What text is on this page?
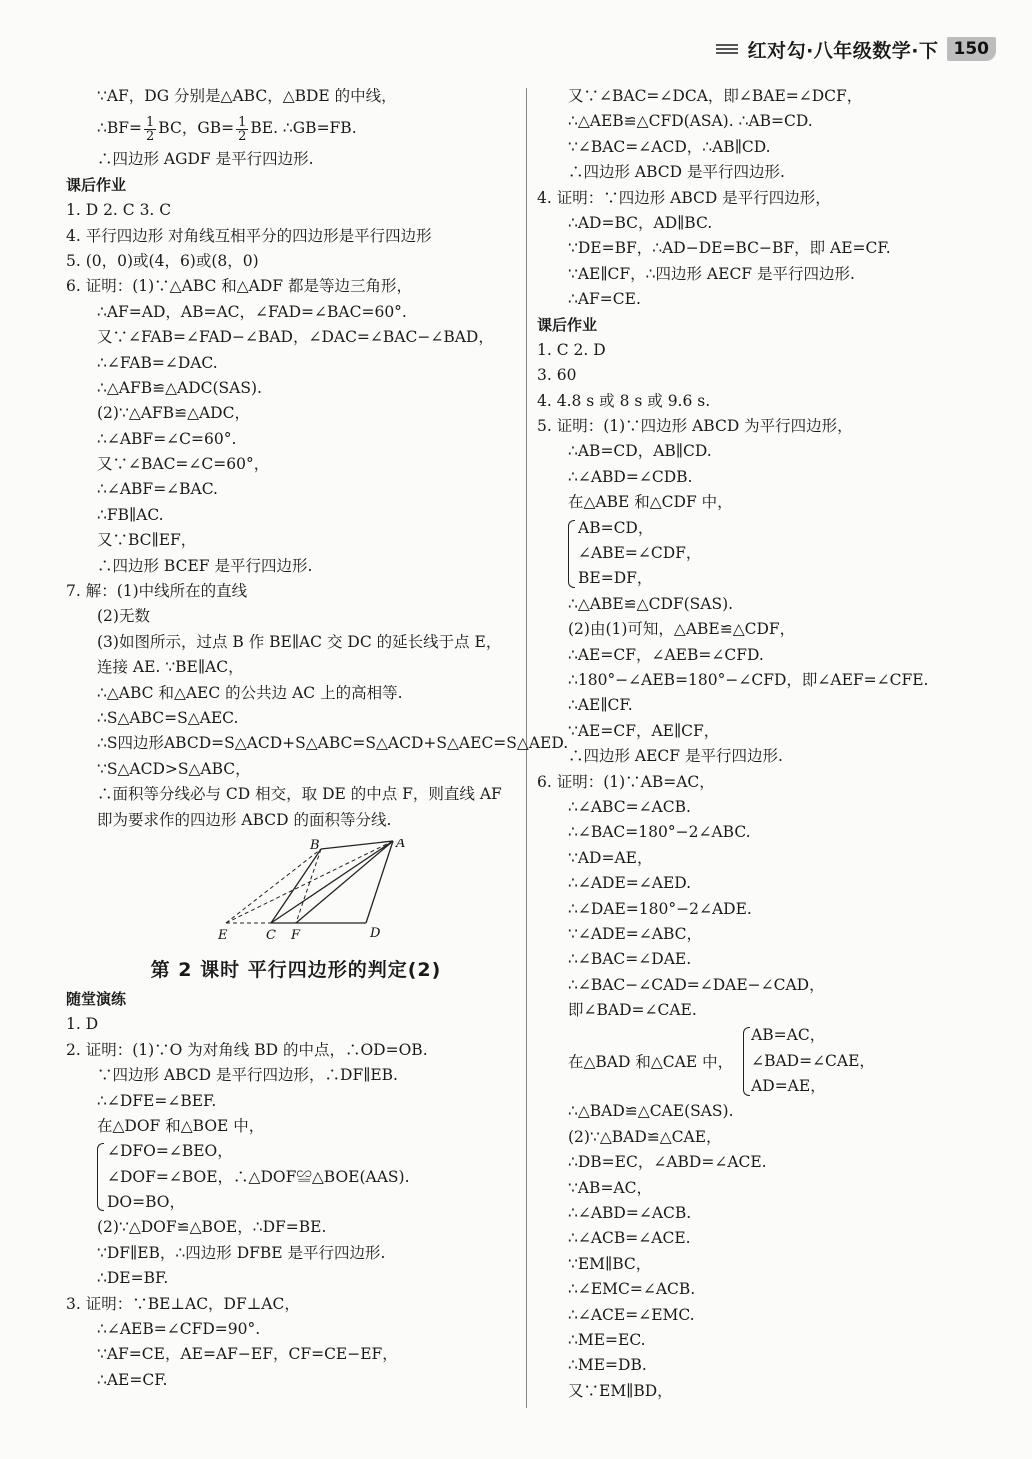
红对勾·八年级数学·下 150
∵AF，DG 分别是△ABC，△BDE 的中线，
∴BF= $\frac{1}{2}$ BC，$GB= \frac{1}{2}$ BE. ∴GB=FB.
∴四边形 AGDF 是平行四边形.
课后作业
1. D 2. C 3. C
4. 平行四边形 对角线互相平分的四边形是平行四边形
5. (0，0)或(4，6)或(8，0)
6. 证明：(1)∵△ABC 和△ADF 都是等边三角形，
∴AF=AD，AB=AC，∠FAD=∠BAC=60°.
又∵∠FAB=∠FAD−∠BAD，∠DAC=∠BAC−∠BAD，
∴∠FAB=∠DAC.
∴△AFB≌△ADC(SAS).
(2)∵△AFB≌△ADC，
∴∠ABF=∠C=60°.
又∵∠BAC=∠C=60°，
∴∠ABF=∠BAC.
∴FB∥AC.
又∵BC∥EF，
∴四边形 BCEF 是平行四边形.
7. 解：(1)中线所在的直线
(2)无数
(3)如图所示，过点 B 作 BE∥AC 交 DC 的延长线于点 E，
连接 AE. ∵BE∥AC，
∴△ABC 和△AEC 的公共边 AC 上的高相等.
∴S△ABC=S△AEC.
∴S四边形ABCD=S△ACD+S△ABC=S△ACD+S△AEC=S△AED.
∵S△ACD>S△ABC，
∴面积等分线必与 CD 相交，取 DE 的中点 F，则直线 AF
即为要求作的四边形 ABCD 的面积等分线.
B	A
E	C F	D
第 2 课时 平行四边形的判定(2)
随堂演练
1. D
2. 证明：(1)∵O 为对角线 BD 的中点，∴OD=OB.
∵四边形 ABCD 是平行四边形，∴DF∥EB.
∴∠DFE=∠BEF.
在△DOF 和△BOE 中，
∠DFO=∠BEO，
∠DOF=∠BOE，∴△DOF≌△BOE(AAS).
DO=BO，
(2)∵△DOF≌△BOE，∴DF=BE.
∵DF∥EB，∴四边形 DFBE 是平行四边形.
∴DE=BF.
3. 证明：∵BE⊥AC，DF⊥AC，
∴∠AEB=∠CFD=90°.
∵AF=CE，AE=AF−EF，CF=CE−EF，
∴AE=CF.
又∵∠BAC=∠DCA，即∠BAE=∠DCF，
∴△AEB≌△CFD(ASA). ∴AB=CD.
∵∠BAC=∠ACD，∴AB∥CD.
∴四边形 ABCD 是平行四边形.
4. 证明：∵四边形 ABCD 是平行四边形，
∴AD=BC，AD∥BC.
∵DE=BF，∴AD−DE=BC−BF，即 AE=CF.
∵AE∥CF，∴四边形 AECF 是平行四边形.
∴AF=CE.
课后作业
1. C 2. D
3. 60
4. 4.8 s 或 8 s 或 9.6 s.
5. 证明：(1)∵四边形 ABCD 为平行四边形，
∴AB=CD，AB∥CD.
∴∠ABD=∠CDB.
在△ABE 和△CDF 中，
AB=CD，
∠ABE=∠CDF，
BE=DF，
∴△ABE≌△CDF(SAS).
(2)由(1)可知，△ABE≌△CDF，
∴AE=CF，∠AEB=∠CFD.
∴180°−∠AEB=180°−∠CFD，即∠AEF=∠CFE.
∴AE∥CF.
∵AE=CF，AE∥CF，
∴四边形 AECF 是平行四边形.
6. 证明：(1)∵AB=AC，
∴∠ABC=∠ACB.
∴∠BAC=180°−2∠ABC.
∵AD=AE，
∴∠ADE=∠AED.
∴∠DAE=180°−2∠ADE.
∵∠ADE=∠ABC，
∴∠BAC=∠DAE.
∴∠BAC−∠CAD=∠DAE−∠CAD，
即∠BAD=∠CAE.
在△BAD 和△CAE 中，
AB=AC，
∠BAD=∠CAE，
AD=AE，
∴△BAD≌△CAE(SAS).
(2)∵△BAD≌△CAE，
∴DB=EC，∠ABD=∠ACE.
∵AB=AC，
∴∠ABD=∠ACB.
∴∠ACB=∠ACE.
∵EM∥BC，
∴∠EMC=∠ACB.
∴∠ACE=∠EMC.
∴ME=EC.
∴ME=DB.
又∵EM∥BD，
